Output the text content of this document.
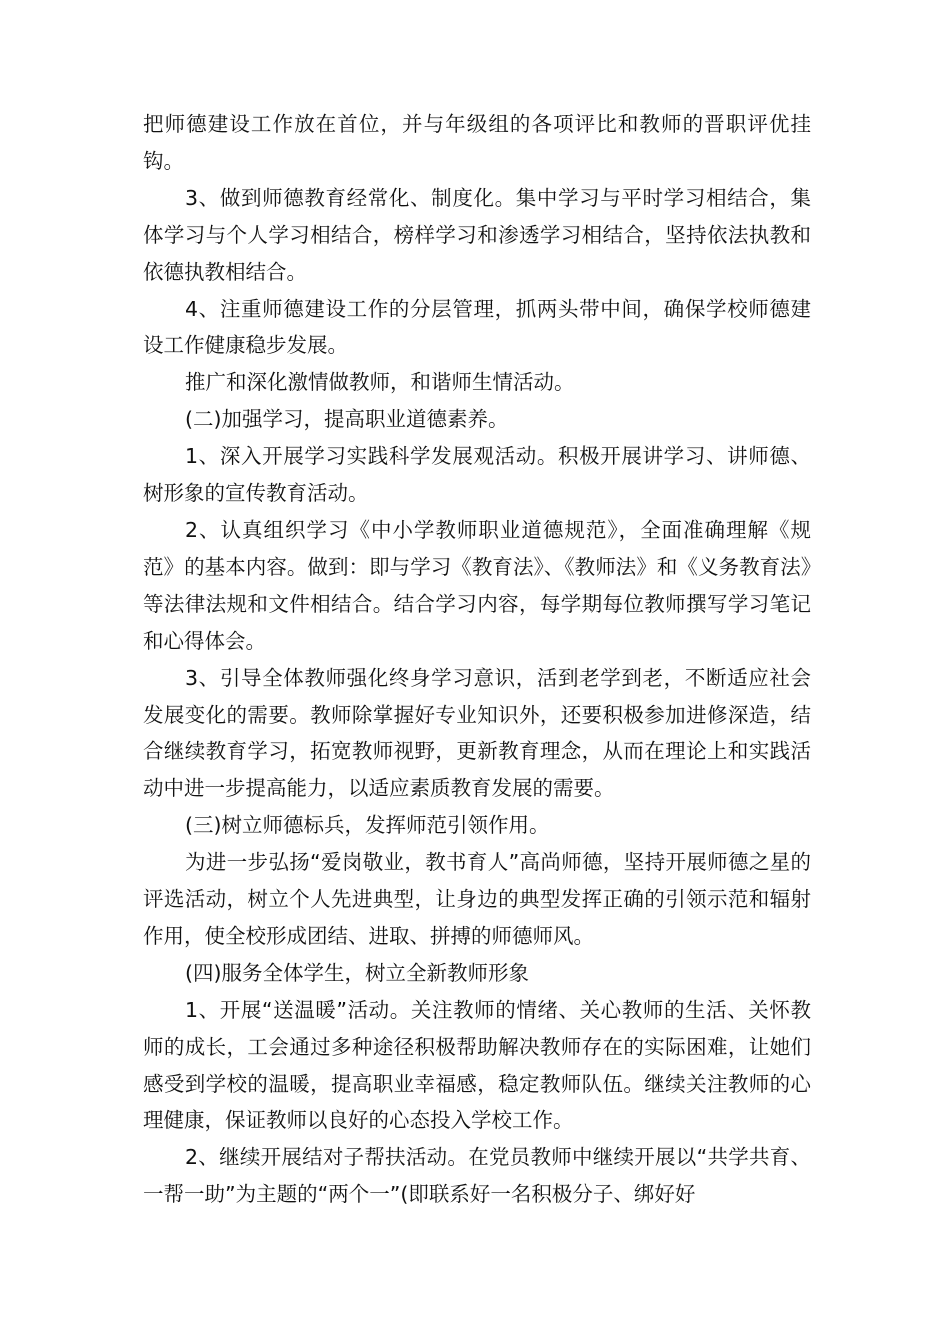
把师德建设工作放在首位，并与年级组的各项评比和教师的晋职评优挂钩。

3、做到师德教育经常化、制度化。集中学习与平时学习相结合，集体学习与个人学习相结合，榜样学习和渗透学习相结合，坚持依法执教和依德执教相结合。

4、注重师德建设工作的分层管理，抓两头带中间，确保学校师德建设工作健康稳步发展。

推广和深化激情做教师，和谐师生情活动。

(二)加强学习，提高职业道德素养。

1、深入开展学习实践科学发展观活动。积极开展讲学习、讲师德、树形象的宣传教育活动。

2、认真组织学习《中小学教师职业道德规范》，全面准确理解《规范》的基本内容。做到：即与学习《教育法》、《教师法》和《义务教育法》等法律法规和文件相结合。结合学习内容，每学期每位教师撰写学习笔记和心得体会。

3、引导全体教师强化终身学习意识，活到老学到老，不断适应社会发展变化的需要。教师除掌握好专业知识外，还要积极参加进修深造，结合继续教育学习，拓宽教师视野，更新教育理念，从而在理论上和实践活动中进一步提高能力，以适应素质教育发展的需要。

(三)树立师德标兵，发挥师范引领作用。

为进一步弘扬“爱岗敬业，教书育人”高尚师德，坚持开展师德之星的评选活动，树立个人先进典型，让身边的典型发挥正确的引领示范和辐射作用，使全校形成团结、进取、拼搏的师德师风。

(四)服务全体学生，树立全新教师形象

1、开展“送温暖”活动。关注教师的情绪、关心教师的生活、关怀教师的成长，工会通过多种途径积极帮助解决教师存在的实际困难，让她们感受到学校的温暖，提高职业幸福感，稳定教师队伍。继续关注教师的心理健康，保证教师以良好的心态投入学校工作。

2、继续开展结对子帮扶活动。在党员教师中继续开展以“共学共育、一帮一助”为主题的“两个一”(即联系好一名积极分子、绑好好
